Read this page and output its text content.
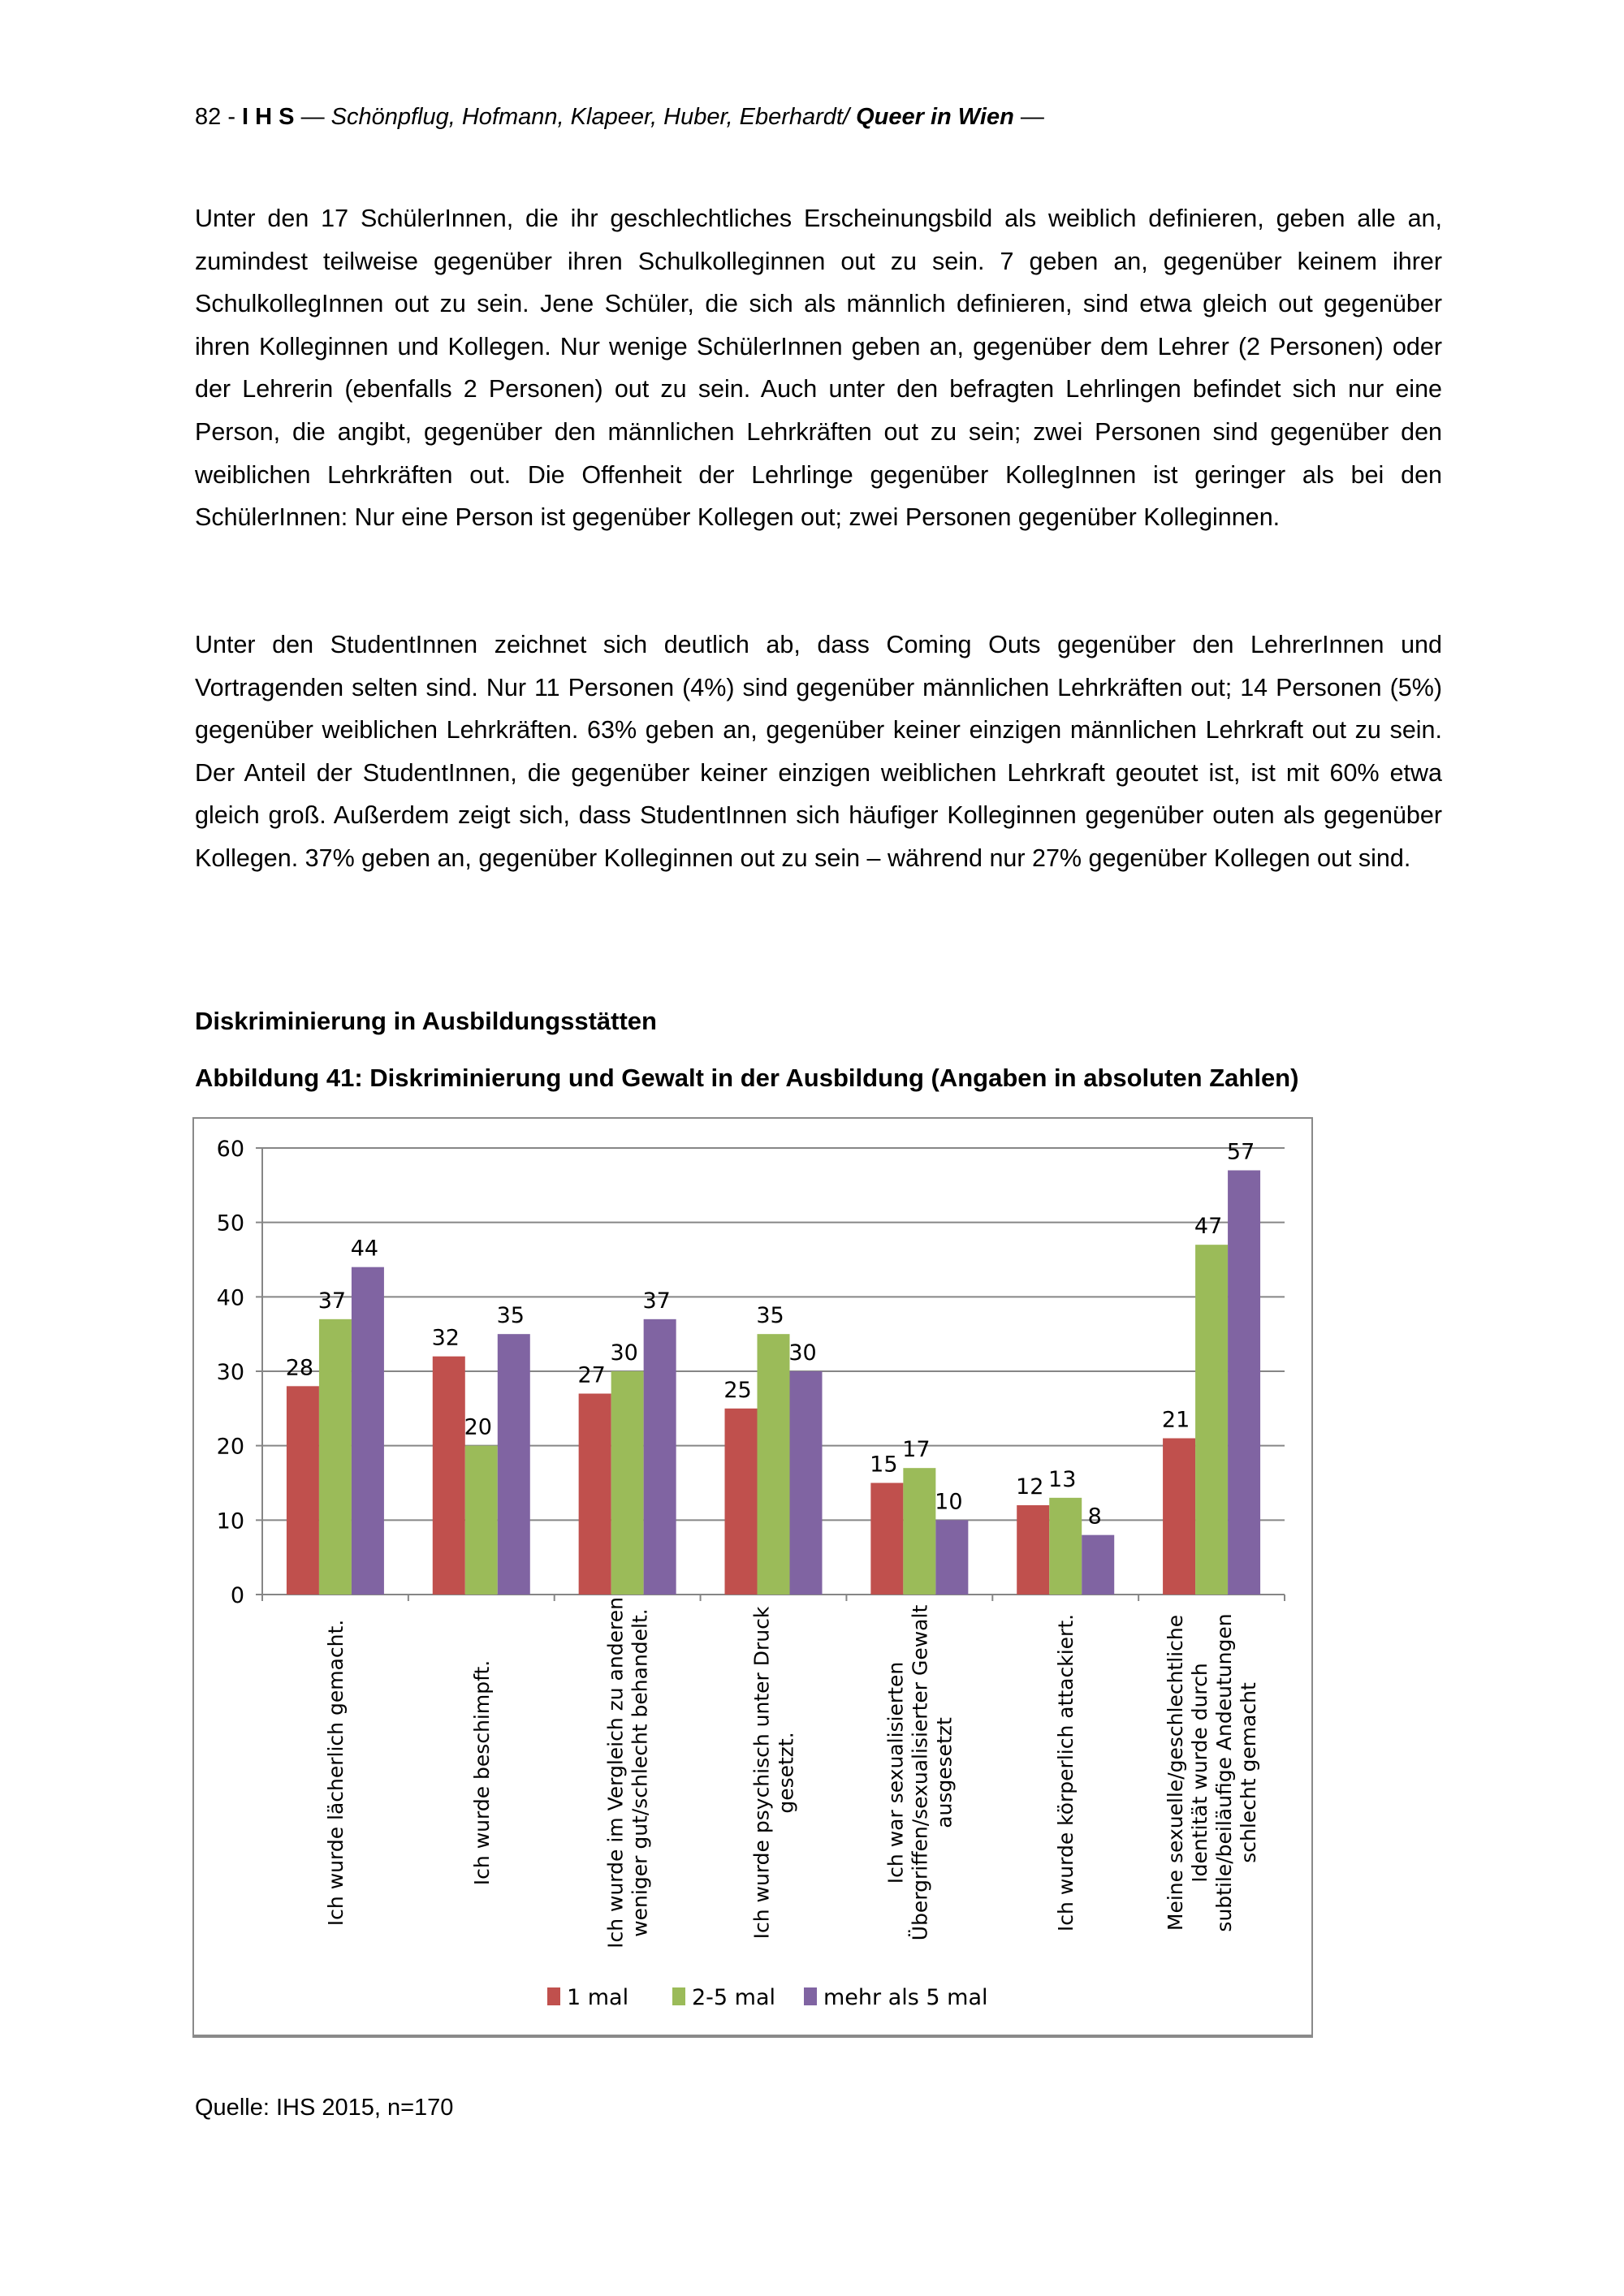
82 - I H S — Schönpflug, Hofmann, Klapeer, Huber, Eberhardt/ Queer in Wien —

Unter den 17 SchülerInnen, die ihr geschlechtliches Erscheinungsbild als weiblich definieren, geben alle an, zumindest teilweise gegenüber ihren Schulkolleginnen out zu sein. 7 geben an, gegenüber keinem ihrer SchulkollegInnen out zu sein. Jene Schüler, die sich als männlich definieren, sind etwa gleich out gegenüber ihren Kolleginnen und Kollegen. Nur wenige SchülerInnen geben an, gegenüber dem Lehrer (2 Personen) oder der Lehrerin (ebenfalls 2 Personen) out zu sein. Auch unter den befragten Lehrlingen befindet sich nur eine Person, die angibt, gegenüber den männlichen Lehrkräften out zu sein; zwei Personen sind gegenüber den weiblichen Lehrkräften out. Die Offenheit der Lehrlinge gegenüber KollegInnen ist geringer als bei den SchülerInnen: Nur eine Person ist gegenüber Kollegen out; zwei Personen gegenüber Kolleginnen.

Unter den StudentInnen zeichnet sich deutlich ab, dass Coming Outs gegenüber den LehrerInnen und Vortragenden selten sind. Nur 11 Personen (4%) sind gegenüber männlichen Lehrkräften out; 14 Personen (5%) gegenüber weiblichen Lehrkräften. 63% geben an, gegenüber keiner einzigen männlichen Lehrkraft out zu sein. Der Anteil der StudentInnen, die gegenüber keiner einzigen weiblichen Lehrkraft geoutet ist, ist mit 60% etwa gleich groß. Außerdem zeigt sich, dass StudentInnen sich häufiger Kolleginnen gegenüber outen als gegenüber Kollegen. 37% geben an, gegenüber Kolleginnen out zu sein – während nur 27% gegenüber Kollegen out sind.

Diskriminierung in Ausbildungsstätten
Abbildung 41: Diskriminierung und Gewalt in der Ausbildung (Angaben in absoluten Zahlen)
0
10
20
30
40
50
60
28
32
27
25
15
12
21
37
20
30
35
17
13
47
44
35
37
30
10
8
57
Ich wurde lächerlich gemacht.	Ich wurde beschimpft.	Ich wurde im Vergleich zu anderen weniger gut/schlecht behandelt.	Ich wurde psychisch unter Druck gesetzt.	Ich war sexualisierten Übergriffen/sexualisierter Gewalt ausgesetzt	Ich wurde körperlich attackiert.	Meine sexuelle/geschlechtliche Identität wurde durch subtile/beiläufige Andeutungen schlecht gemacht
1 mal	2-5 mal mehr als 5 mal
Quelle: IHS 2015, n=170
